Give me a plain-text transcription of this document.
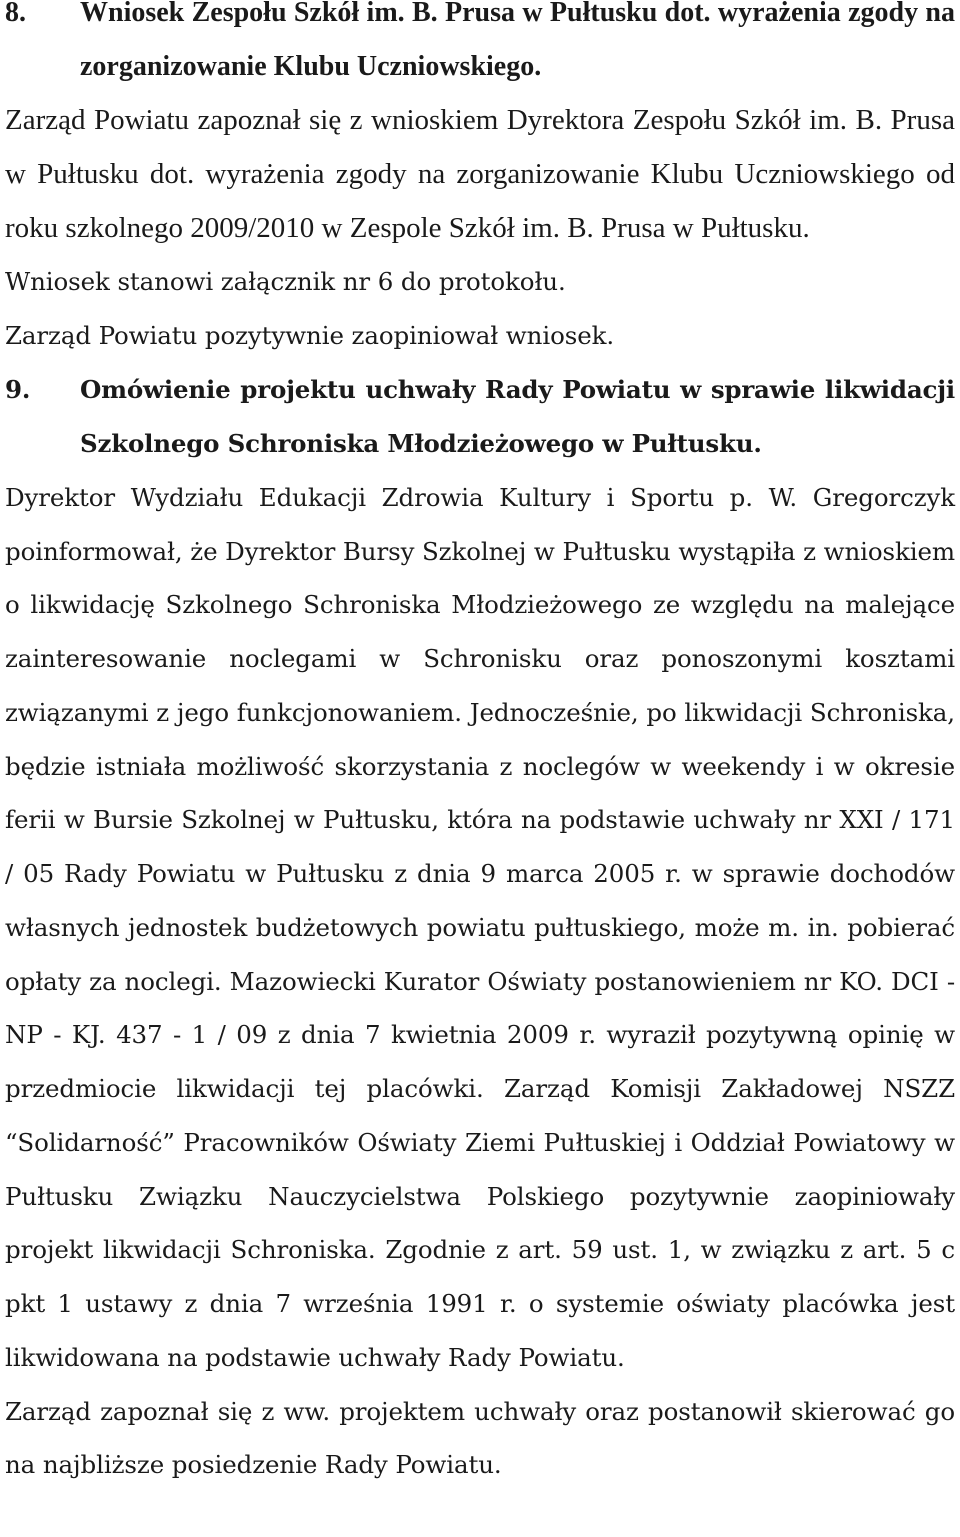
8.	Wniosek Zespołu Szkół im. B. Prusa w Pułtusku dot. wyrażenia zgody na zorganizowanie Klubu Uczniowskiego.

Zarząd Powiatu zapoznał się z wnioskiem Dyrektora Zespołu Szkół im. B. Prusa w Pułtusku dot. wyrażenia zgody na zorganizowanie Klubu Uczniowskiego od roku szkolnego 2009/2010 w Zespole Szkół im. B. Prusa w Pułtusku.

Wniosek stanowi załącznik nr 6 do protokołu.

Zarząd Powiatu pozytywnie zaopiniował wniosek.

9.	Omówienie projektu uchwały Rady Powiatu w sprawie likwidacji Szkolnego Schroniska Młodzieżowego w Pułtusku.

Dyrektor Wydziału Edukacji Zdrowia Kultury i Sportu p. W. Gregorczyk poinformował, że Dyrektor Bursy Szkolnej w Pułtusku wystąpiła z wnioskiem o likwidację Szkolnego Schroniska Młodzieżowego ze względu na malejące zainteresowanie noclegami w Schronisku oraz ponoszonymi kosztami związanymi z jego funkcjonowaniem. Jednocześnie, po likwidacji Schroniska, będzie istniała możliwość skorzystania z noclegów w weekendy i w okresie ferii w Bursie Szkolnej w Pułtusku, która na podstawie uchwały nr XXI / 171 / 05 Rady Powiatu w Pułtusku z dnia 9 marca 2005 r. w sprawie dochodów własnych jednostek budżetowych powiatu pułtuskiego, może m. in. pobierać opłaty za noclegi. Mazowiecki Kurator Oświaty postanowieniem nr KO. DCI - NP - KJ. 437 - 1 / 09 z dnia 7 kwietnia 2009 r. wyraził pozytywną opinię w przedmiocie likwidacji tej placówki. Zarząd Komisji Zakładowej NSZZ “Solidarność” Pracowników Oświaty Ziemi Pułtuskiej i Oddział Powiatowy w Pułtusku Związku Nauczycielstwa Polskiego pozytywnie zaopiniowały projekt likwidacji Schroniska. Zgodnie z art. 59 ust. 1, w związku z art. 5 c pkt 1 ustawy z dnia 7 września 1991 r. o systemie oświaty placówka jest likwidowana na podstawie uchwały Rady Powiatu.

Zarząd zapoznał się z ww. projektem uchwały oraz postanowił skierować go na najbliższe posiedzenie Rady Powiatu.
